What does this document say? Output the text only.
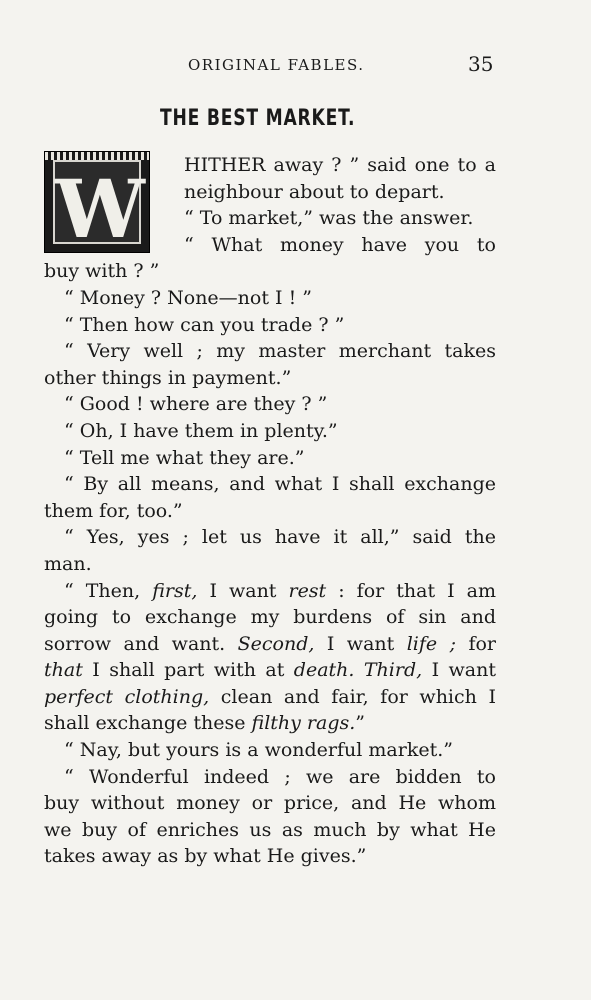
ORIGINAL FABLES.	35
THE BEST MARKET.
W	HITHER away ? ” said one to a
neighbour about to depart.
“ To market,” was the answer.
“ What money have you to
buy with ? ”
“ Money ? None—not I ! ”
“ Then how can you trade ? ”
“ Very well ; my master merchant takes
other things in payment.”
“ Good ! where are they ? ”
“ Oh, I have them in plenty.”
“ Tell me what they are.”
“ By all means, and what I shall exchange
them for, too.”
“ Yes, yes ; let us have it all,” said the
man.
“ Then, first, I want rest : for that I am
going to exchange my burdens of sin and
sorrow and want. Second, I want life ; for
that I shall part with at death. Third, I want
perfect clothing, clean and fair, for which I
shall exchange these filthy rags.”
“ Nay, but yours is a wonderful market.”
“ Wonderful indeed ; we are bidden to
buy without money or price, and He whom
we buy of enriches us as much by what He
takes away as by what He gives.”
